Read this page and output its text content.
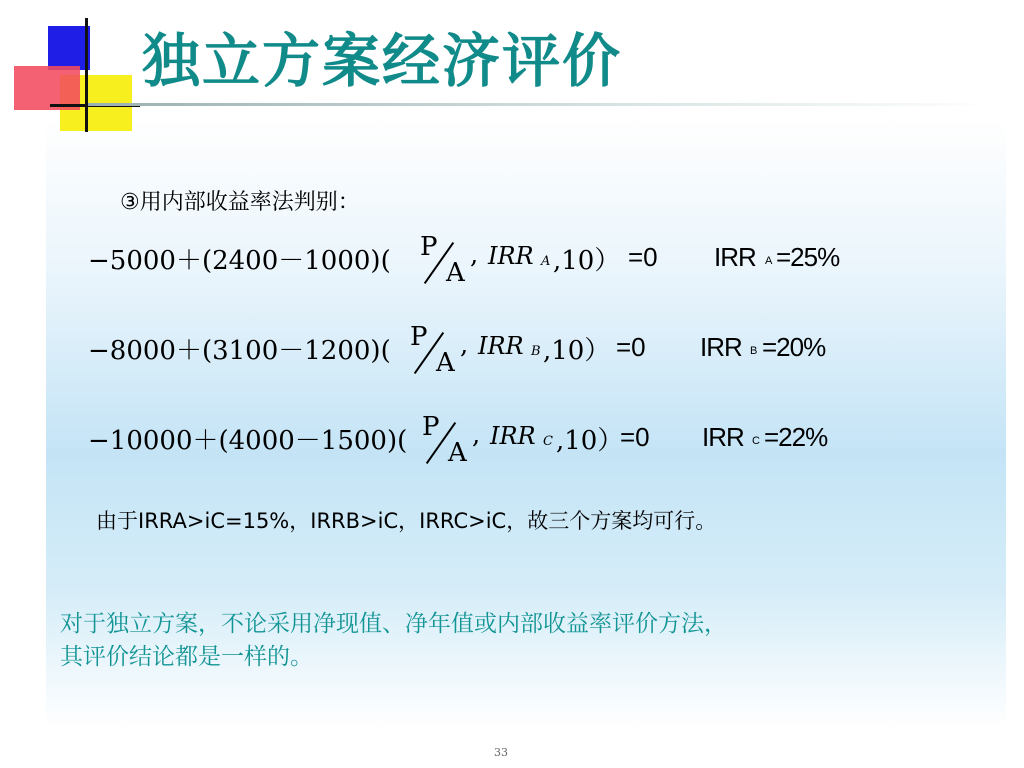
独立方案经济评价
③用内部收益率法判别：
−5000＋(2400－1000)( P
A
, IRR A ,10） =0 IRR A =25%
−8000＋(3100－1200)( P
A
, IRR B ,10） =0 IRR B =20%
−10000＋(4000－1500)( P
A
, IRR C ,10）
=0 IRR C =22%
由于IRRA>iC=15%，IRRB>iC，IRRC>iC，故三个方案均可行。
对于独立方案，不论采用净现值、净年值或内部收益率评价方法，
其评价结论都是一样的。
33
